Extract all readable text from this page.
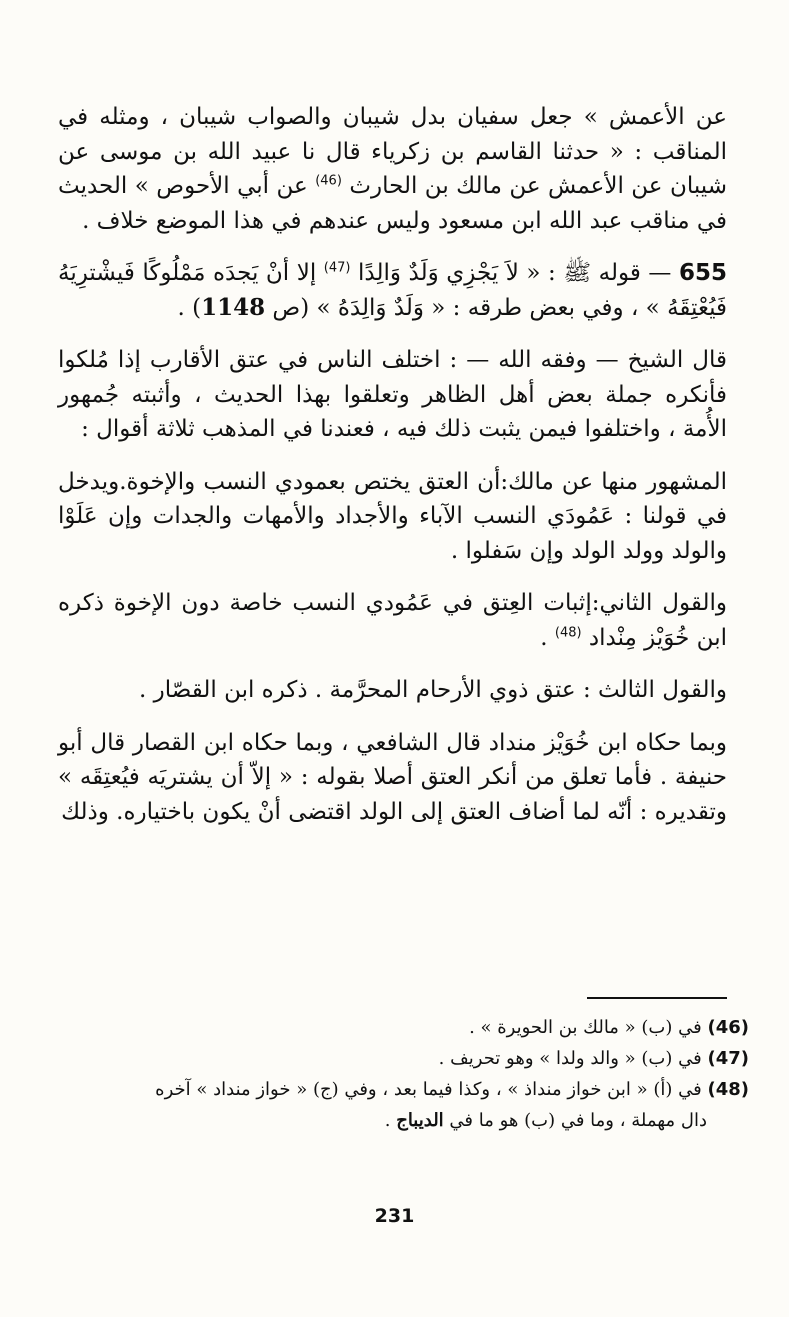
عن الأعمش » جعل سفيان بدل شيبان والصواب شيبان ، ومثله في المناقب : « حدثنا القاسم بن زكرياء قال نا عبيد الله بن موسى عن شيبان عن الأعمش عن مالك بن الحارث $^{(46)}$ عن أبي الأحوص » الحديث في مناقب عبد الله ابن مسعود وليس عندهم في هذا الموضع خلاف .

655 — قوله ﷺ : « لاَ يَجْزِي وَلَدٌ وَالِدًا $^{(47)}$ إلا أنْ يَجدَه مَمْلُوكًا فَيشْترِيَهُ فَيُعْتِقَهُ » ، وفي بعض طرقه : « وَلَدٌ وَالِدَهُ » (ص 1148) .

قال الشيخ — وفقه الله — : اختلف الناس في عتق الأقارب إذا مُلكوا فأنكره جملة بعض أهل الظاهر وتعلقوا بهذا الحديث ، وأثبته جُمهور الأُمة ، واختلفوا فيمن يثبت ذلك فيه ، فعندنا في المذهب ثلاثة أقوال :

المشهور منها عن مالك:أن العتق يختص بعمودي النسب والإخوة.ويدخل في قولنا : عَمُودَي النسب الآباء والأجداد والأمهات والجدات وإن عَلَوْا والولد وولد الولد وإن سَفلوا .

والقول الثاني:إثبات العِتق في عَمُودي النسب خاصة دون الإخوة ذكره ابن خُوَيْز مِنْداد $^{(48)}$ .

والقول الثالث : عتق ذوي الأرحام المحرَّمة . ذكره ابن القصّار .

وبما حكاه ابن خُوَيْز منداد قال الشافعي ، وبما حكاه ابن القصار قال أبو حنيفة . فأما تعلق من أنكر العتق أصلا بقوله : « إلاّ أن يشتريَه فيُعتِقَه » وتقديره : أنّه لما أضاف العتق إلى الولد اقتضى أنْ يكون باختياره. وذلك

(46) في (ب) « مالك بن الحويرة » .

(47) في (ب) « والد ولدا » وهو تحريف .

(48) في (أ) « ابن خواز منداذ » ، وكذا فيما بعد ، وفي (ج) « خواز منداد » آخره

دال مهملة ، وما في (ب) هو ما في الديباج .

231
